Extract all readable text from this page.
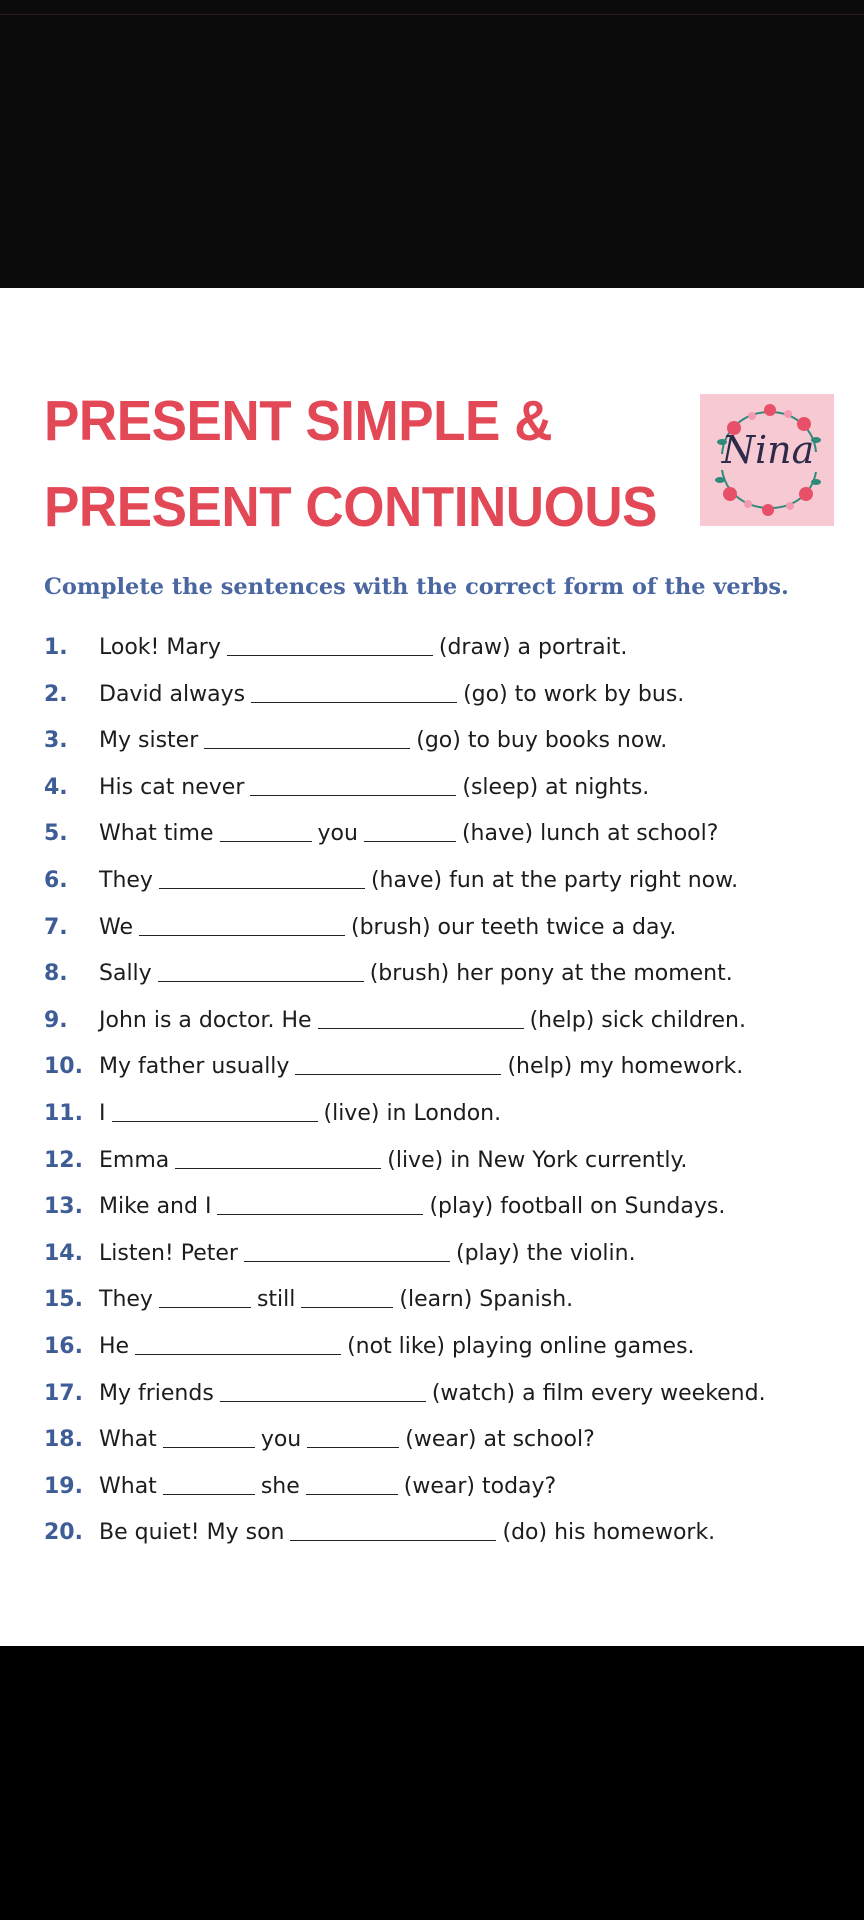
PRESENT SIMPLE &
PRESENT CONTINUOUS
Nina
Complete the sentences with the correct form of the verbs.
1.	Look! Mary	(draw) a portrait.
2.	David always	(go) to work by bus.
3.	My sister	(go) to buy books now.
4.	His cat never	(sleep) at nights.
5.	What time	you	(have) lunch at school?
6.	They	(have) fun at the party right now.
7.	We	(brush) our teeth twice a day.
8.	Sally	(brush) her pony at the moment.
9.	John is a doctor. He	(help) sick children.
10. My father usually	(help) my homework.
11. I	(live) in London.
12. Emma	(live) in New York currently.
13. Mike and I	(play) football on Sundays.
14. Listen! Peter	(play) the violin.
15. They	still	(learn) Spanish.
16. He	(not like) playing online games.
17. My friends	(watch) a film every weekend.
18. What	you	(wear) at school?
19. What	she	(wear) today?
20. Be quiet! My son	(do) his homework.
